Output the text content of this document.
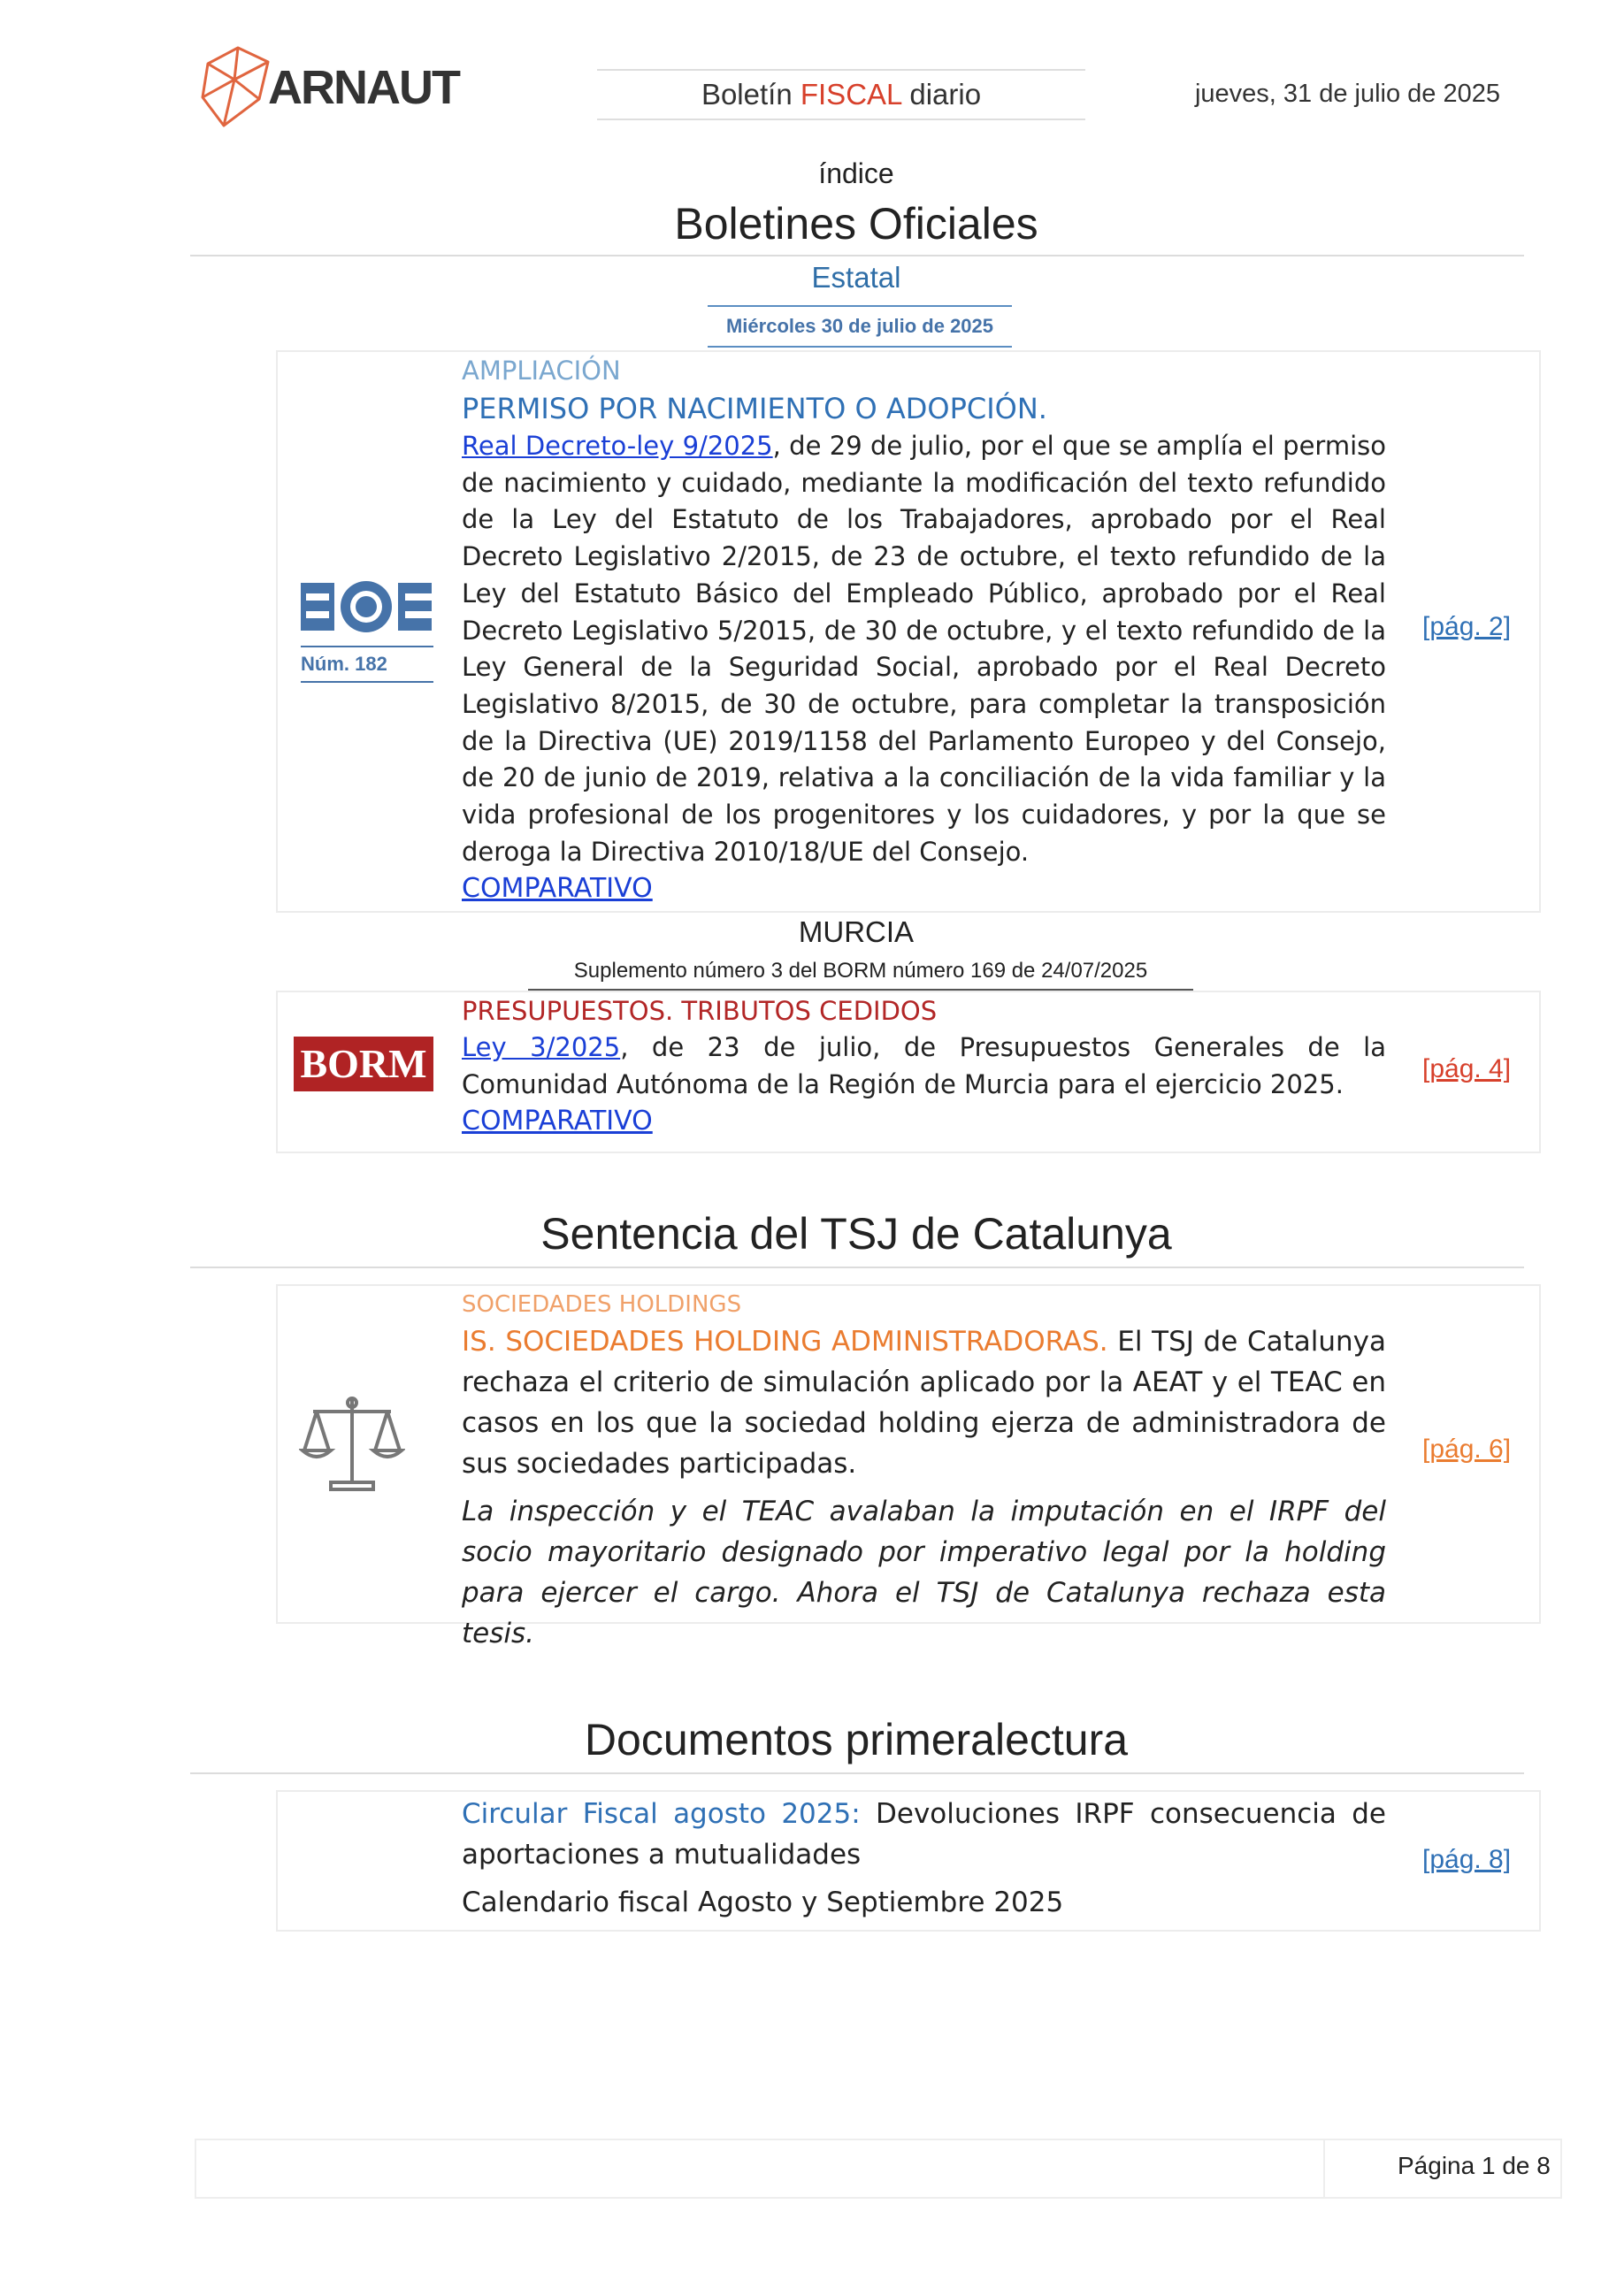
ARNAUT	Boletín FISCAL diario	jueves, 31 de julio de 2025
índice
Boletines Oficiales
Estatal
Miércoles 30 de julio de 2025
Núm. 182
AMPLIACIÓN
PERMISO POR NACIMIENTO O ADOPCIÓN.
Real Decreto-ley 9/2025, de 29 de julio, por el que se amplía el permiso de nacimiento y cuidado, mediante la modificación del texto refundido de la Ley del Estatuto de los Trabajadores, aprobado por el Real Decreto Legislativo 2/2015, de 23 de octubre, el texto refundido de la Ley del Estatuto Básico del Empleado Público, aprobado por el Real Decreto Legislativo 5/2015, de 30 de octubre, y el texto refundido de la Ley General de la Seguridad Social, aprobado por el Real Decreto Legislativo 8/2015, de 30 de octubre, para completar la transposición de la Directiva (UE) 2019/1158 del Parlamento Europeo y del Consejo, de 20 de junio de 2019, relativa a la conciliación de la vida familiar y la vida profesional de los progenitores y los cuidadores, y por la que se deroga la Directiva 2010/18/UE del Consejo.
COMPARATIVO
[pág. 2]
MURCIA
Suplemento número 3 del BORM número 169 de 24/07/2025
BORM
PRESUPUESTOS. TRIBUTOS CEDIDOS
Ley 3/2025, de 23 de julio, de Presupuestos Generales de la Comunidad Autónoma de la Región de Murcia para el ejercicio 2025.
COMPARATIVO
[pág. 4]
Sentencia del TSJ de Catalunya
SOCIEDADES HOLDINGS
IS. SOCIEDADES HOLDING ADMINISTRADORAS. El TSJ de Catalunya rechaza el criterio de simulación aplicado por la AEAT y el TEAC en casos en los que la sociedad holding ejerza de administradora de sus sociedades participadas.
La inspección y el TEAC avalaban la imputación en el IRPF del socio mayoritario designado por imperativo legal por la holding para ejercer el cargo. Ahora el TSJ de Catalunya rechaza esta tesis.
[pág. 6]
Documentos primeralectura
Circular Fiscal agosto 2025: Devoluciones IRPF consecuencia de aportaciones a mutualidades
Calendario fiscal Agosto y Septiembre 2025
[pág. 8]
Página 1 de 8
